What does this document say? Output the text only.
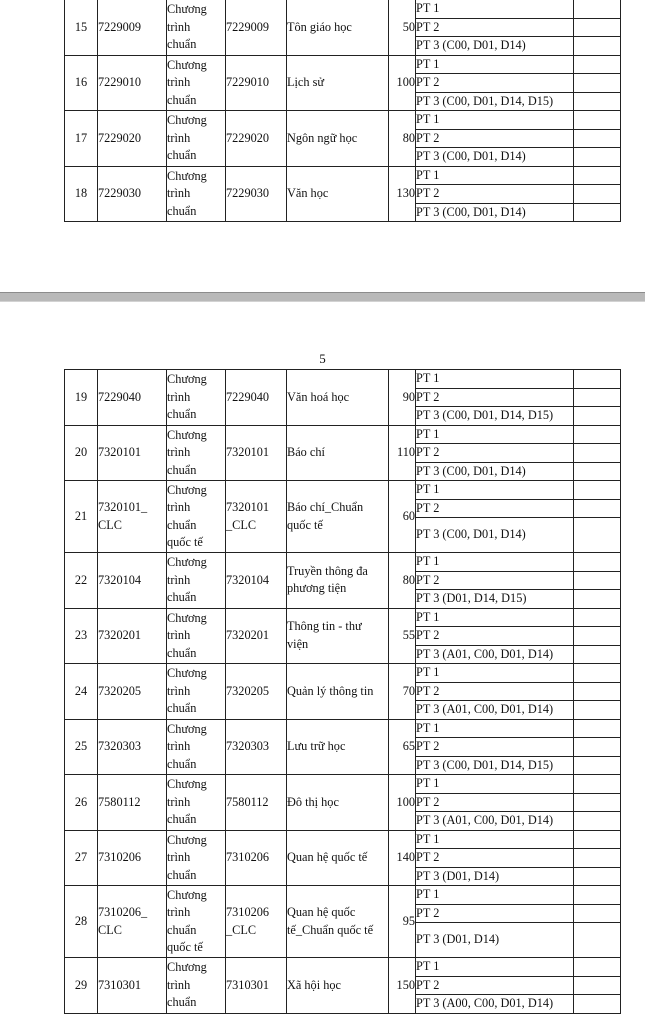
15	7229009	Chương
trình
chuẩn	7229009	Tôn giáo học	50	PT 1	
						PT 2	
						PT 3 (C00, D01, D14)	
16	7229010	Chương
trình
chuẩn	7229010	Lịch sử	100	PT 1	
						PT 2	
						PT 3 (C00, D01, D14, D15)	
17	7229020	Chương
trình
chuẩn	7229020	Ngôn ngữ học	80	PT 1	
						PT 2	
						PT 3 (C00, D01, D14)	
18	7229030	Chương
trình
chuẩn	7229030	Văn học	130	PT 1	
						PT 2	
						PT 3 (C00, D01, D14)	
5
19	7229040	Chương
trình
chuẩn	7229040	Văn hoá học	90	PT 1	
						PT 2	
						PT 3 (C00, D01, D14, D15)	
20	7320101	Chương
trình
chuẩn	7320101	Báo chí	110	PT 1	
						PT 2	
						PT 3 (C00, D01, D14)	
21	7320101_
CLC	Chương
trình
chuẩn
quốc tế	7320101
_CLC	Báo chí_Chuẩn
quốc tế	60	PT 1	
						PT 2	
						PT 3 (C00, D01, D14)	
22	7320104	Chương
trình
chuẩn	7320104	Truyền thông đa
phương tiện	80	PT 1	
						PT 2	
						PT 3 (D01, D14, D15)	
23	7320201	Chương
trình
chuẩn	7320201	Thông tin - thư
viện	55	PT 1	
						PT 2	
						PT 3 (A01, C00, D01, D14)	
24	7320205	Chương
trình
chuẩn	7320205	Quản lý thông tin	70	PT 1	
						PT 2	
						PT 3 (A01, C00, D01, D14)	
25	7320303	Chương
trình
chuẩn	7320303	Lưu trữ học	65	PT 1	
						PT 2	
						PT 3 (C00, D01, D14, D15)	
26	7580112	Chương
trình
chuẩn	7580112	Đô thị học	100	PT 1	
						PT 2	
						PT 3 (A01, C00, D01, D14)	
27	7310206	Chương
trình
chuẩn	7310206	Quan hệ quốc tế	140	PT 1	
						PT 2	
						PT 3 (D01, D14)	
28	7310206_
CLC	Chương
trình
chuẩn
quốc tế	7310206
_CLC	Quan hệ quốc
tế_Chuẩn quốc tế	95	PT 1	
						PT 2	
						PT 3 (D01, D14)	
29	7310301	Chương
trình
chuẩn	7310301	Xã hội học	150	PT 1	
						PT 2	
						PT 3 (A00, C00, D01, D14)	
